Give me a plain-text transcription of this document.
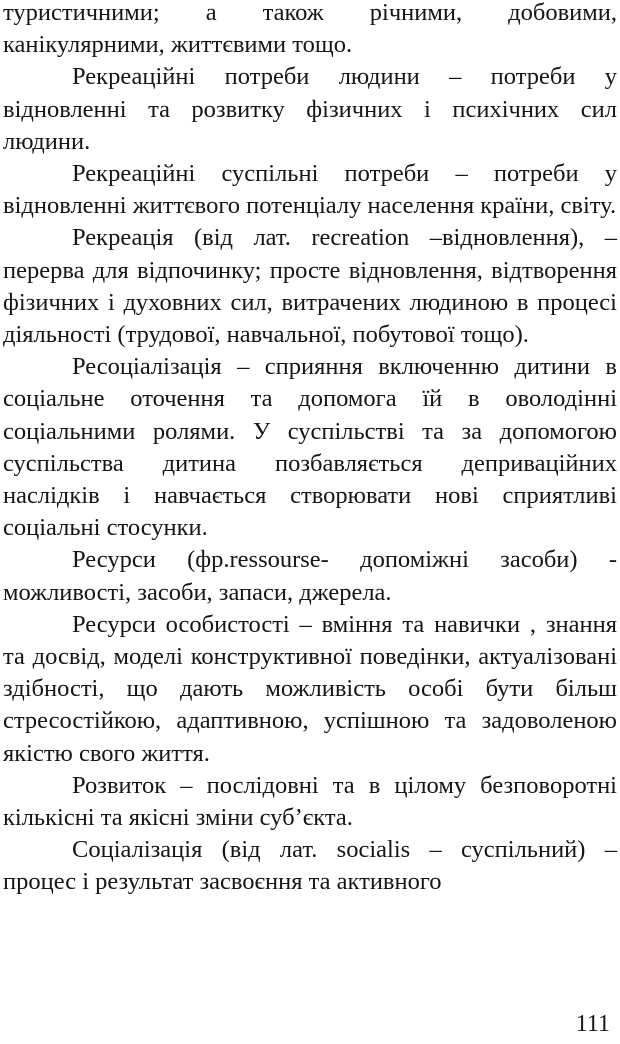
туристичними; а також річними, добовими, канікулярними, життєвими тощо.

Рекреаційні потреби людини – потреби у відновленні та розвитку фізичних і психічних сил людини.

Рекреаційні суспільні потреби – потреби у відновленні життєвого потенціалу населення країни, світу.

Рекреація (від лат. recreation –відновлення), – перерва для відпочинку; просте відновлення, відтворення фізичних і духовних сил, витрачених людиною в процесі діяльності (трудової, навчальної, побутової тощо).

Ресоціалізація – сприяння включенню дитини в соціальне оточення та допомога їй в оволодінні соціальними ролями. У суспільстві та за допомогою суспільства дитина позбавляється деприваційних наслідків і навчається створювати нові сприятливі соціальні стосунки.

Ресурси (фр.ressourse- допоміжні засоби) - можливості, засоби, запаси, джерела.

Ресурси особистості – вміння та навички , знання та досвід, моделі конструктивної поведінки, актуалізовані здібності, що дають можливість особі бути більш стресостійкою, адаптивною, успішною та задоволеною якістю свого життя.

Розвиток – послідовні та в цілому безповоротні кількісні та якісні зміни суб’єкта.

Соціалізація (від лат. socialis – суспільний) – процес і результат засвоєння та активного

111
